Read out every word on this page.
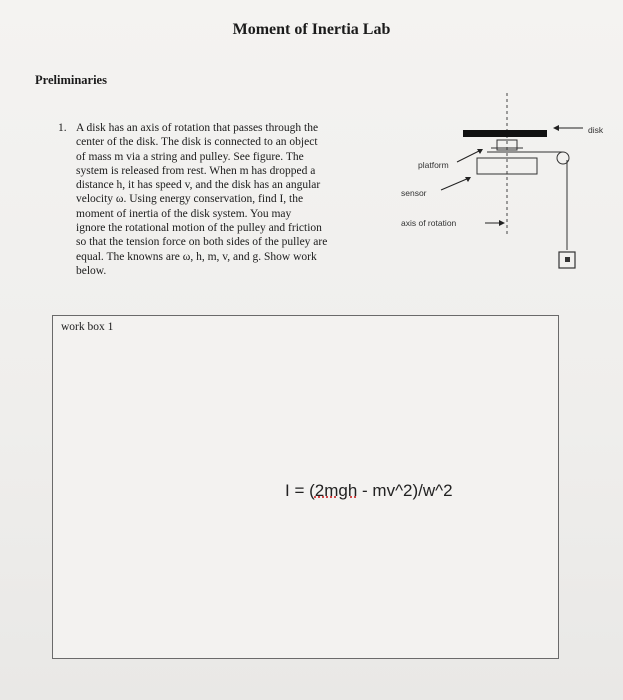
Moment of Inertia Lab
Preliminaries
1. A disk has an axis of rotation that passes through the
center of the disk. The disk is connected to an object
of mass m via a string and pulley. See figure. The
system is released from rest. When m has dropped a
distance h, it has speed v, and the disk has an angular
velocity ω. Using energy conservation, find I, the
moment of inertia of the disk system. You may
ignore the rotational motion of the pulley and friction
so that the tension force on both sides of the pulley are
equal. The knowns are ω, h, m, v, and g. Show work
below.
disk
platform
sensor
axis of rotation
work box 1
I = (2mgh - mv^2)/w^2
